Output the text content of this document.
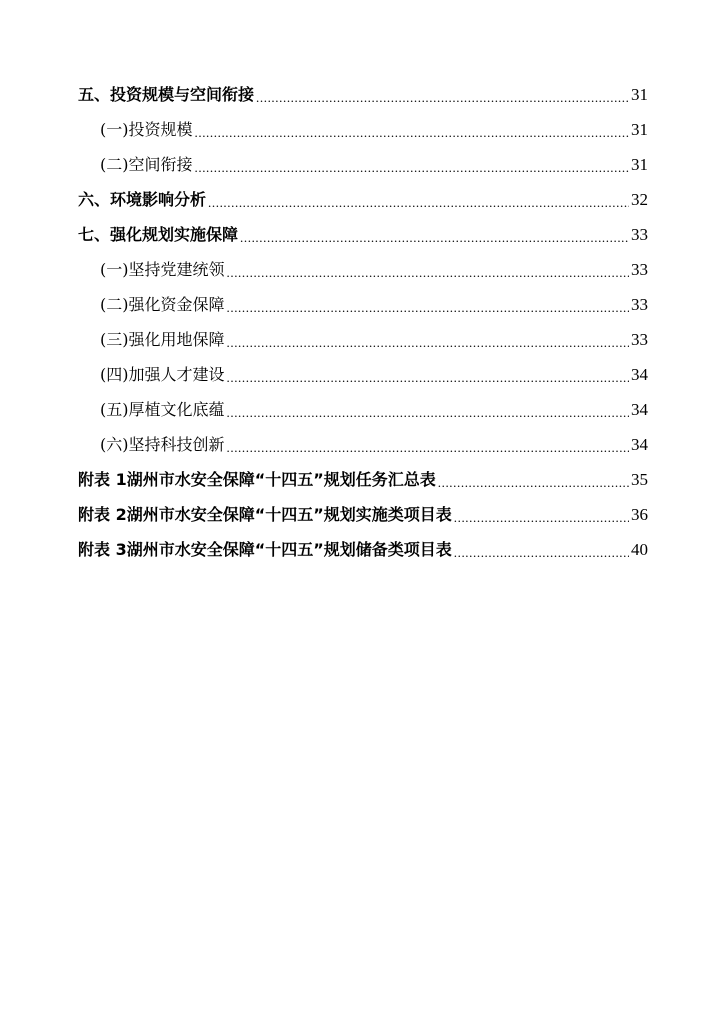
五、投资规模与空间衔接 .....	31
(一)投资规模 .....	31
(二)空间衔接 .....	31
六、环境影响分析 .....	32
七、强化规划实施保障 .....	33
(一)坚持党建统领 .....	33
(二)强化资金保障 .....	33
(三)强化用地保障 .....	33
(四)加强人才建设 .....	34
(五)厚植文化底蕴 .....	34
(六)坚持科技创新 .....	34
附表 1湖州市水安全保障“十四五”规划任务汇总表 .....	35
附表 2湖州市水安全保障“十四五”规划实施类项目表 .....	36
附表 3湖州市水安全保障“十四五”规划储备类项目表 .....	40
